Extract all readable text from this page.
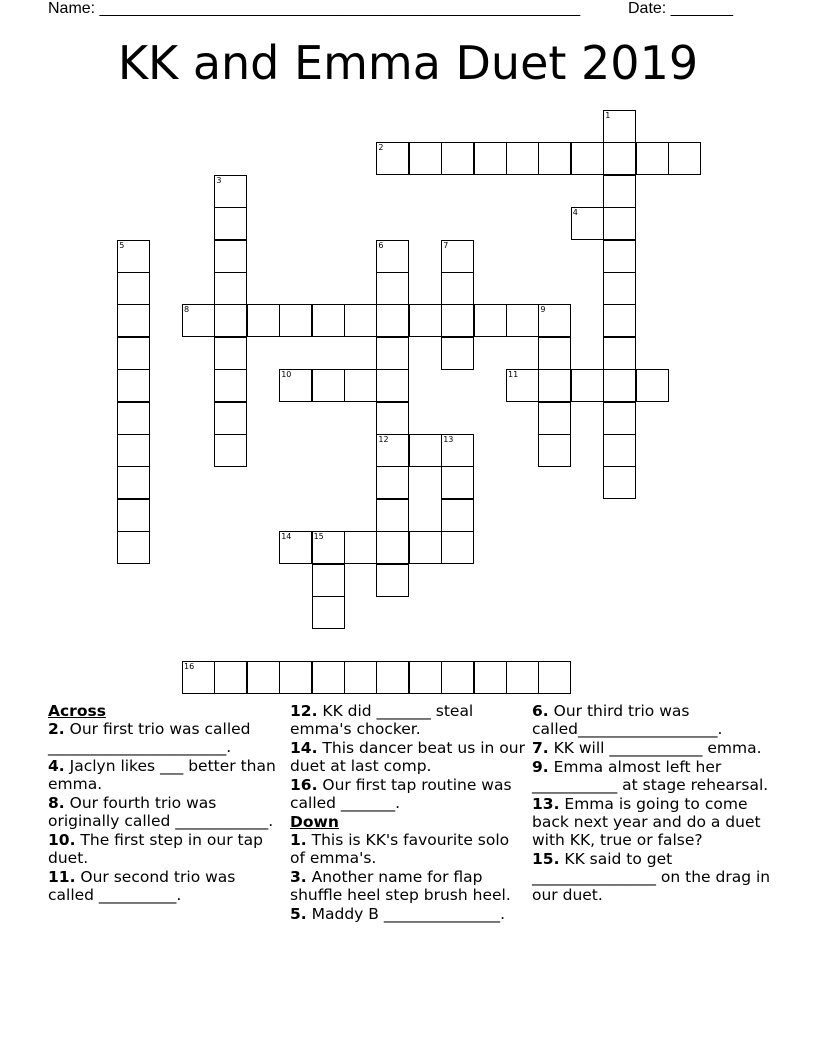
Name: ______________________________________________________	Date: _______
KK and Emma Duet 2019
1
2
3
4
5	6	7
8	9
10	11
12	13
14	15
16
Across
2. Our first trio was called _______________________.
4. Jaclyn likes ___ better than emma.
8. Our fourth trio was originally called ____________.
10. The first step in our tap duet.
11. Our second trio was called __________.
12. KK did _______ steal emma's chocker.
14. This dancer beat us in our duet at last comp.
16. Our first tap routine was called _______.
Down
1. This is KK's favourite solo of emma's.
3. Another name for flap shuffle heel step brush heel.
5. Maddy B _______________.
6. Our third trio was called__________________.
7. KK will ____________ emma.
9. Emma almost left her ___________ at stage rehearsal.
13. Emma is going to come back next year and do a duet with KK, true or false?
15. KK said to get ________________ on the drag in our duet.
